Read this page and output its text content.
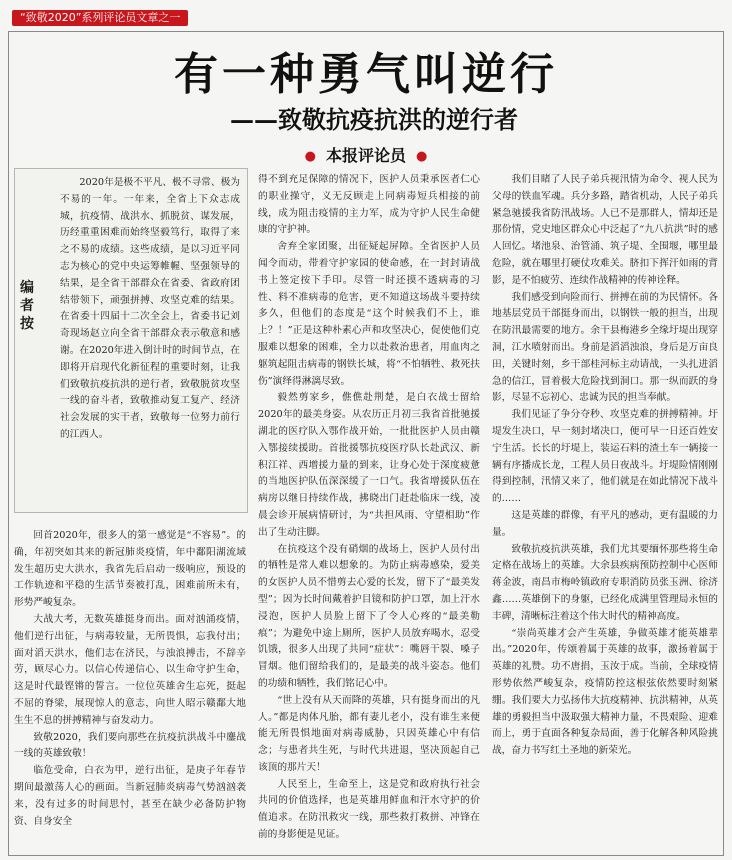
“致敬2020”系列评论员文章之一
有一种勇气叫逆行
——致敬抗疫抗洪的逆行者
● 本报评论员 ●
编者按

2020年是极不平凡、极不寻常、极为不易的一年。一年来，全省上下众志成城，抗疫情、战洪水、抓脱贫、谋发展，历经重重困难而始终坚毅笃行，取得了来之不易的成绩。这些成绩，是以习近平同志为核心的党中央运筹帷幄、坚强领导的结果，是全省干部群众在省委、省政府团结带领下，顽强拼搏、攻坚克难的结果。在省委十四届十二次全会上，省委书记刘奇现场赵立向全省干部群众表示敬意和感谢。在2020年进入倒计时的时间节点，在即将开启现代化新征程的重要时刻，让我们致敬抗疫抗洪的逆行者，致敬脱贫攻坚一线的奋斗者，致敬推动复工复产、经济社会发展的实干者，致敬每一位努力前行的江西人。

回首2020年，很多人的第一感觉是“不容易”。的确，年初突如其来的新冠肺炎疫情，年中鄱阳湖流域发生超历史大洪水，我省先后启动一级响应，预设的工作轨迹和平稳的生活节奏被打乱，困难前所未有，形势严峻复杂。

大战大考，无数英雄挺身而出。面对汹涌疫情，他们逆行出征，与病毒较量，无所畏惧，忘我付出；面对滔天洪水，他们志在济民，与浊浪搏击，不辞辛劳，顾尽心力。以信心传递信心、以生命守护生命，这是时代最铿锵的誓言。一位位英雄舍生忘死，挺起不屈的脊梁，展现惊人的意志，向世人昭示赣鄱大地生生不息的拼搏精神与奋发动力。

致敬2020，我们要向那些在抗疫抗洪战斗中鏖战一线的英雄致敬！

临危受命，白衣为甲，逆行出征，是庚子年春节期间最激荡人心的画面。当新冠肺炎病毒气势汹汹袭来，没有过多的时间思忖，甚至在缺少必备防护物资、自身安全

得不到充足保障的情况下，医护人员秉承医者仁心的职业操守，义无反顾走上同病毒短兵相接的前线，成为阻击疫情的主力军，成为守护人民生命健康的守护神。

舍弃全家团聚，出征疑起屏障。全省医护人员闻令而动，带着守护家园的使命感，在一封封请战书上签定按下手印。尽管一时还摸不透病毒的习性、料不准病毒的危害，更不知道这场战斗要持续多久，但他们的态度是“这个时候我们不上，谁上？！”正是这种朴素心声和攻坚决心，促使他们克服难以想象的困难，全力以赴救治患者，用血肉之躯筑起阻击病毒的钢铁长城，将“不怕牺牲、救死扶伤”演绎得淋漓尽致。

毅然剪家乡，僬僬赴荆楚，是白衣战士留给2020年的最美身姿。从农历正月初三我省首批驰援湖北的医疗队入鄂作战开始，一批批医护人员由赣入鄂接续援助。首批援鄂抗疫医疗队长赴武汉、新积江祥、西增援力量的到来，让身心处于深度疲惫的当地医护队伍深深缓了一口气。我省增援队伍在病房以继日持续作战，拂晓出门赶赴临床一线，凌晨会诊开展病情研讨，为“共担风雨、守望相助”作出了生动注脚。

在抗疫这个没有硝烟的战场上，医护人员付出的牺牲是常人难以想象的。为防止病毒感染，爱美的女医护人员不惜剪去心爱的长发，留下了“最美发型”；因为长时间戴着护目镜和防护口罩，加上汗水浸泡，医护人员脸上留下了令人心疼的“最美勒痕”；为避免中途上厕所，医护人员放弃喝水，忍受饥饿，很多人出现了共同“症状”：嘴唇干裂、嗓子冒烟。他们留给我们的，是最美的战斗姿态。他们的功绩和牺牲，我们铭记心中。

“世上没有从天而降的英雄，只有挺身而出的凡人。”都是肉体凡胎，都有妻儿老小，没有谁生来便能无所畏惧地面对病毒威胁，只因英雄心中有信念；与患者共生死，与时代共进退，坚决顶起自己该顶的那片天！

人民至上，生命至上，这是党和政府执行社会共同的价值选择，也是英雄用鲜血和汗水守护的价值追求。在防汛救灾一线，那些救打救拼、冲锋在前的身影便是见证。

我们目睹了人民子弟兵视汛情为命令、视人民为父母的铁血军魂。兵分多路，踏省机动，人民子弟兵紧急驰援我省防汛战场。人已不是那群人，情却还是那份情，党史地区群众心中泛起了“九八抗洪”时的感人回忆。堵池泉、治管涌、筑子堤、全围堰，哪里最危险，就在哪里打硬仗攻难关。脐扣下挥汗如雨的背影，是不怕疲劳、连续作战精神的传神诠释。

我们感受到向险而行、拼搏在前的为民情怀。各地基层党员干部挺身而出，以钢铁一般的担当，出现在防汛最需要的地方。余干县梅港乡全缘圩堤出现穿洞，江水喷射而出。身前是滔滔浊浪，身后是万亩良田，关键时刻，乡干部桂河标主动请战，一头扎进滔急的信江，冒着极大危险找到洞口。那一纵而跃的身影，尽显不忘初心、忠诚为民的担当奉献。

我们见证了争分夺秒、攻坚克难的拼搏精神。圩堤发生决口，早一刻封堵决口，便可早一日还百姓安宁生活。长长的圩堤上，装运石料的渣土车一辆接一辆有序播成长龙，工程人员日夜战斗。圩堤险情刚刚得到控制，汛情又来了，他们就是在如此情况下战斗的……

这是英雄的群像，有平凡的感动，更有温暖的力量。

致敬抗疫抗洪英雄，我们尤其要缅怀那些将生命定格在战场上的英雄。大余县疾病预防控制中心医师蒋金波，南昌市梅岭镇政府专职消防员张玉洲、徐济鑫……英雄倒下的身躯，已经化成满里管理局永恒的丰碑，清晰标注着这个伟大时代的精神高度。

“崇尚英雄才会产生英雄，争做英雄才能英雄辈出。”2020年，传颂着属于英雄的故事，激扬着属于英雄的礼赞。功不唐捐，玉汝于成。当前，全球疫情形势依然严峻复杂，疫情防控这根弦依然要时刻紧绷。我们要大力弘扬伟大抗疫精神、抗洪精神，从英雄的勇毅担当中汲取强大精神力量，不畏艰险、迎难而上，勇于直面各种复杂局面，善于化解各种风险挑战，奋力书写红土圣地的新荣光。
